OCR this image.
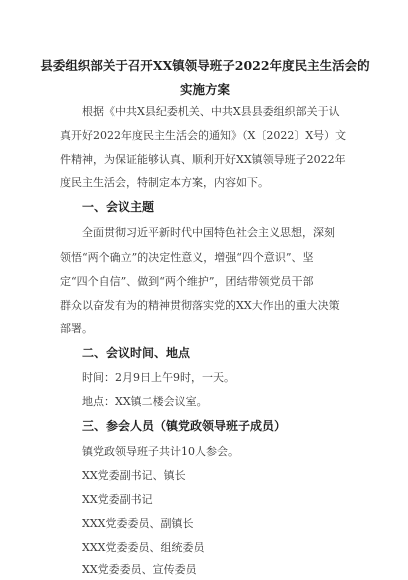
县委组织部关于召开XX镇领导班子2022年度民主生活会的
实施方案
根据《中共X县纪委机关、中共X县县委组织部关于认
真开好2022年度民主生活会的通知》（X〔2022〕X号）文
件精神，为保证能够认真、顺利开好XX镇领导班子2022年
度民主生活会，特制定本方案，内容如下。
一、会议主题
全面贯彻习近平新时代中国特色社会主义思想，深刻
领悟“两个确立”的决定性意义，增强“四个意识”、坚
定“四个自信”、做到“两个维护”，团结带领党员干部
群众以奋发有为的精神贯彻落实党的XX大作出的重大决策
部署。
二、会议时间、地点
时间：2月9日上午9时，一天。
地点：XX镇二楼会议室。
三、参会人员（镇党政领导班子成员）
镇党政领导班子共计10人参会。
XX党委副书记、镇长
XX党委副书记
XXX党委委员、副镇长
XXX党委委员、组统委员
XX党委委员、宣传委员
